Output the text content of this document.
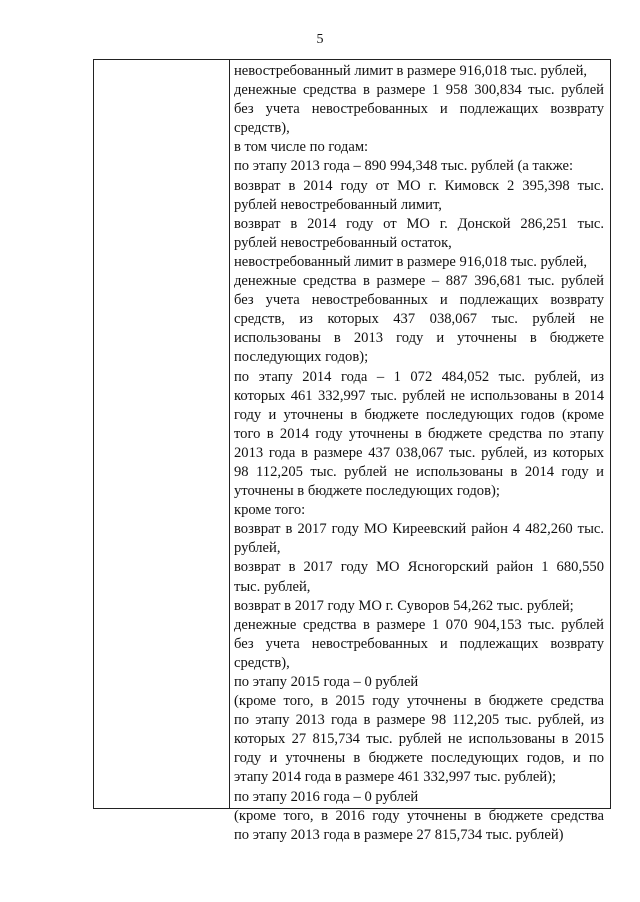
5
невостребованный лимит в размере 916,018 тыс. рублей,
денежные средства в размере 1 958 300,834 тыс. рублей
без учета невостребованных и подлежащих возврату
средств),
в том числе по годам:
по этапу 2013 года – 890 994,348 тыс. рублей (а также:
возврат в 2014 году от МО г. Кимовск 2 395,398 тыс.
рублей невостребованный лимит,
возврат в 2014 году от МО г. Донской 286,251 тыс.
рублей невостребованный остаток,
невостребованный лимит в размере 916,018 тыс. рублей,
денежные средства в размере – 887 396,681 тыс. рублей
без учета невостребованных и подлежащих возврату
средств, из которых 437 038,067 тыс. рублей не
использованы в 2013 году и уточнены в бюджете
последующих годов);
по этапу 2014 года – 1 072 484,052 тыс. рублей, из
которых 461 332,997 тыс. рублей не использованы в 2014
году и уточнены в бюджете последующих годов (кроме
того в 2014 году уточнены в бюджете средства по этапу
2013 года в размере 437 038,067 тыс. рублей, из которых
98 112,205 тыс. рублей не использованы в 2014 году и
уточнены в бюджете последующих годов);
кроме того:
возврат в 2017 году МО Киреевский район 4 482,260 тыс.
рублей,
возврат в 2017 году МО Ясногорский район 1 680,550
тыс. рублей,
возврат в 2017 году МО г. Суворов 54,262 тыс. рублей;
денежные средства в размере 1 070 904,153 тыс. рублей
без учета невостребованных и подлежащих возврату
средств),
по этапу 2015 года – 0 рублей
(кроме того, в 2015 году уточнены в бюджете средства
по этапу 2013 года в размере 98 112,205 тыс. рублей, из
которых 27 815,734 тыс. рублей не использованы в 2015
году и уточнены в бюджете последующих годов, и по
этапу 2014 года в размере 461 332,997 тыс. рублей);
по этапу 2016 года – 0 рублей
(кроме того, в 2016 году уточнены в бюджете средства
по этапу 2013 года в размере 27 815,734 тыс. рублей)
